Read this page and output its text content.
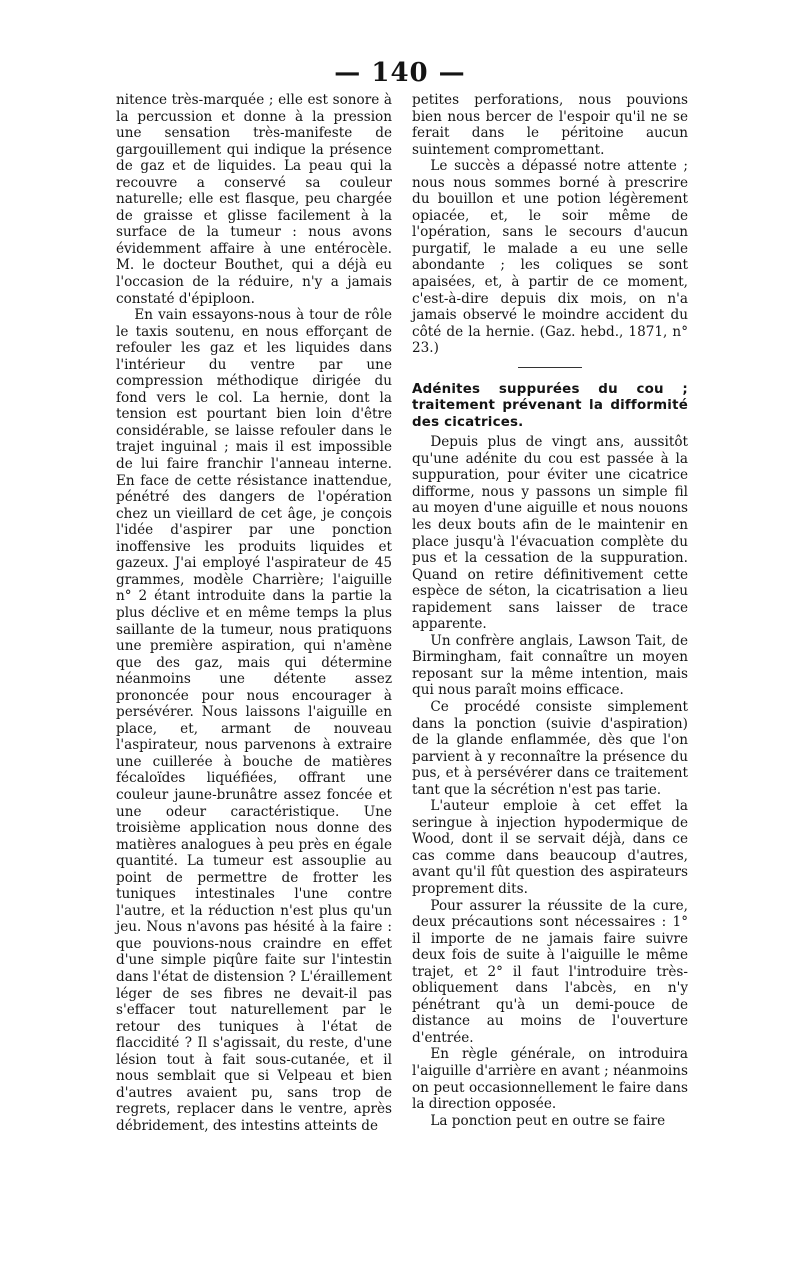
— 140 —

nitence très-marquée ; elle est sonore à la percussion et donne à la pression une sensation très-manifeste de gargouillement qui indique la présence de gaz et de liquides. La peau qui la recouvre a conservé sa couleur naturelle; elle est flasque, peu chargée de graisse et glisse facilement à la surface de la tumeur : nous avons évidemment affaire à une entérocèle. M. le docteur Bouthet, qui a déjà eu l'occasion de la réduire, n'y a jamais constaté d'épiploon.

En vain essayons-nous à tour de rôle le taxis soutenu, en nous efforçant de refouler les gaz et les liquides dans l'intérieur du ventre par une compression méthodique dirigée du fond vers le col. La hernie, dont la tension est pourtant bien loin d'être considérable, se laisse refouler dans le trajet inguinal ; mais il est impossible de lui faire franchir l'anneau interne. En face de cette résistance inattendue, pénétré des dangers de l'opération chez un vieillard de cet âge, je conçois l'idée d'aspirer par une ponction inoffensive les produits liquides et gazeux. J'ai employé l'aspirateur de 45 grammes, modèle Charrière; l'aiguille n° 2 étant introduite dans la partie la plus déclive et en même temps la plus saillante de la tumeur, nous pratiquons une première aspiration, qui n'amène que des gaz, mais qui détermine néanmoins une détente assez prononcée pour nous encourager à persévérer. Nous laissons l'aiguille en place, et, armant de nouveau l'aspirateur, nous parvenons à extraire une cuillerée à bouche de matières fécaloïdes liquéfiées, offrant une couleur jaune-brunâtre assez foncée et une odeur caractéristique. Une troisième application nous donne des matières analogues à peu près en égale quantité. La tumeur est assouplie au point de permettre de frotter les tuniques intestinales l'une contre l'autre, et la réduction n'est plus qu'un jeu. Nous n'avons pas hésité à la faire : que pouvions-nous craindre en effet d'une simple piqûre faite sur l'intestin dans l'état de distension ? L'éraillement léger de ses fibres ne devait-il pas s'effacer tout naturellement par le retour des tuniques à l'état de flaccidité ? Il s'agissait, du reste, d'une lésion tout à fait sous-cutanée, et il nous semblait que si Velpeau et bien d'autres avaient pu, sans trop de regrets, replacer dans le ventre, après débridement, des intestins atteints de

petites perforations, nous pouvions bien nous bercer de l'espoir qu'il ne se ferait dans le péritoine aucun suintement compromettant.

Le succès a dépassé notre attente ; nous nous sommes borné à prescrire du bouillon et une potion légèrement opiacée, et, le soir même de l'opération, sans le secours d'aucun purgatif, le malade a eu une selle abondante ; les coliques se sont apaisées, et, à partir de ce moment, c'est-à-dire depuis dix mois, on n'a jamais observé le moindre accident du côté de la hernie. (Gaz. hebd., 1871, n° 23.)

Adénites suppurées du cou ; traitement prévenant la difformité des cicatrices.

Depuis plus de vingt ans, aussitôt qu'une adénite du cou est passée à la suppuration, pour éviter une cicatrice difforme, nous y passons un simple fil au moyen d'une aiguille et nous nouons les deux bouts afin de le maintenir en place jusqu'à l'évacuation complète du pus et la cessation de la suppuration. Quand on retire définitivement cette espèce de séton, la cicatrisation a lieu rapidement sans laisser de trace apparente.

Un confrère anglais, Lawson Tait, de Birmingham, fait connaître un moyen reposant sur la même intention, mais qui nous paraît moins efficace.

Ce procédé consiste simplement dans la ponction (suivie d'aspiration) de la glande enflammée, dès que l'on parvient à y reconnaître la présence du pus, et à persévérer dans ce traitement tant que la sécrétion n'est pas tarie.

L'auteur emploie à cet effet la seringue à injection hypodermique de Wood, dont il se servait déjà, dans ce cas comme dans beaucoup d'autres, avant qu'il fût question des aspirateurs proprement dits.

Pour assurer la réussite de la cure, deux précautions sont nécessaires : 1° il importe de ne jamais faire suivre deux fois de suite à l'aiguille le même trajet, et 2° il faut l'introduire très-obliquement dans l'abcès, en n'y pénétrant qu'à un demi-pouce de distance au moins de l'ouverture d'entrée.

En règle générale, on introduira l'aiguille d'arrière en avant ; néanmoins on peut occasionnellement le faire dans la direction opposée.

La ponction peut en outre se faire
